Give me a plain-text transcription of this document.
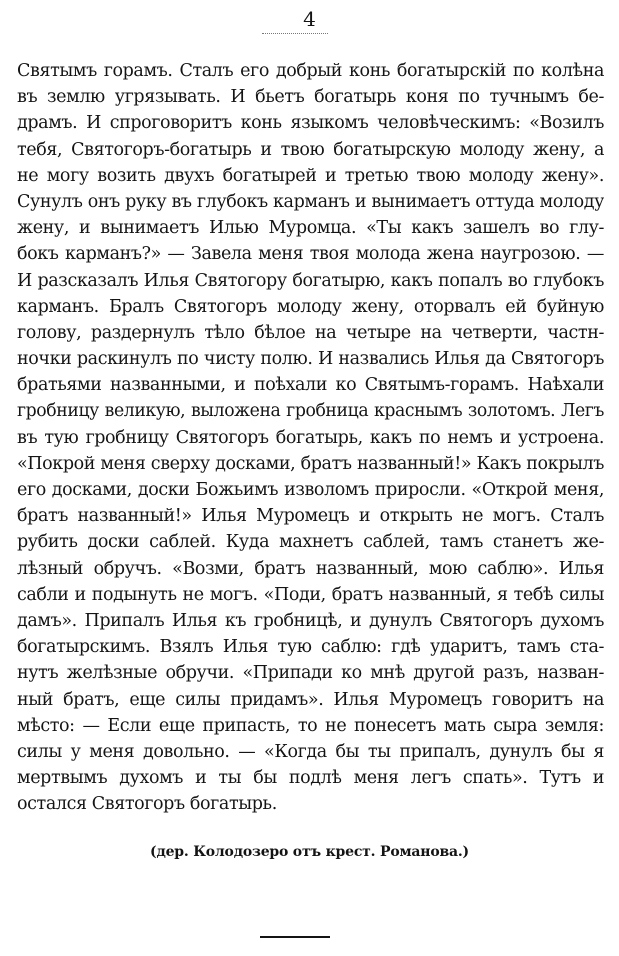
4
Святымъ горамъ. Сталъ его добрый конь богатырскій по колѣна
въ землю угрязывать. И бьетъ богатырь коня по тучнымъ бе-
драмъ. И спроговоритъ конь языкомъ человѣческимъ: «Возилъ
тебя, Святогоръ-богатырь и твою богатырскую молоду жену, а
не могу возить двухъ богатырей и третью твою молоду жену».
Сунулъ онъ руку въ глубокъ карманъ и вынимаетъ оттуда молоду
жену, и вынимаетъ Илью Муромца. «Ты какъ зашелъ во глу-
бокъ карманъ?» — Завела меня твоя молода жена наугрозою. —
И разсказалъ Илья Святогору богатырю, какъ попалъ во глубокъ
карманъ. Бралъ Святогоръ молоду жену, оторвалъ ей буйную
голову, раздернулъ тѣло бѣлое на четыре на четверти, частн-
ночки раскинулъ по чисту полю. И назвались Илья да Святогоръ
братьями названными, и поѣхали ко Святымъ-горамъ. Наѣхали
гробницу великую, выложена гробница краснымъ золотомъ. Легъ
въ тую гробницу Святогоръ богатырь, какъ по немъ и устроена.
«Покрой меня сверху досками, братъ названный!» Какъ покрылъ
его досками, доски Божьимъ изволомъ приросли. «Открой меня,
братъ названный!» Илья Муромецъ и открыть не могъ. Сталъ
рубить доски саблей. Куда махнетъ саблей, тамъ станетъ же-
лѣзный обручъ. «Возми, братъ названный, мою саблю». Илья
сабли и подынуть не могъ. «Поди, братъ названный, я тебѣ силы
дамъ». Припалъ Илья къ гробницѣ, и дунулъ Святогоръ духомъ
богатырскимъ. Взялъ Илья тую саблю: гдѣ ударитъ, тамъ ста-
нутъ желѣзные обручи. «Припади ко мнѣ другой разъ, назван-
ный братъ, еще силы придамъ». Илья Муромецъ говоритъ на
мѣсто: — Если еще припасть, то не понесетъ мать сыра земля:
силы у меня довольно. — «Когда бы ты припалъ, дунулъ бы я
мертвымъ духомъ и ты бы подлѣ меня легъ спать». Тутъ и
остался Святогоръ богатырь.
(дер. Колодозеро отъ крест. Романова.)
